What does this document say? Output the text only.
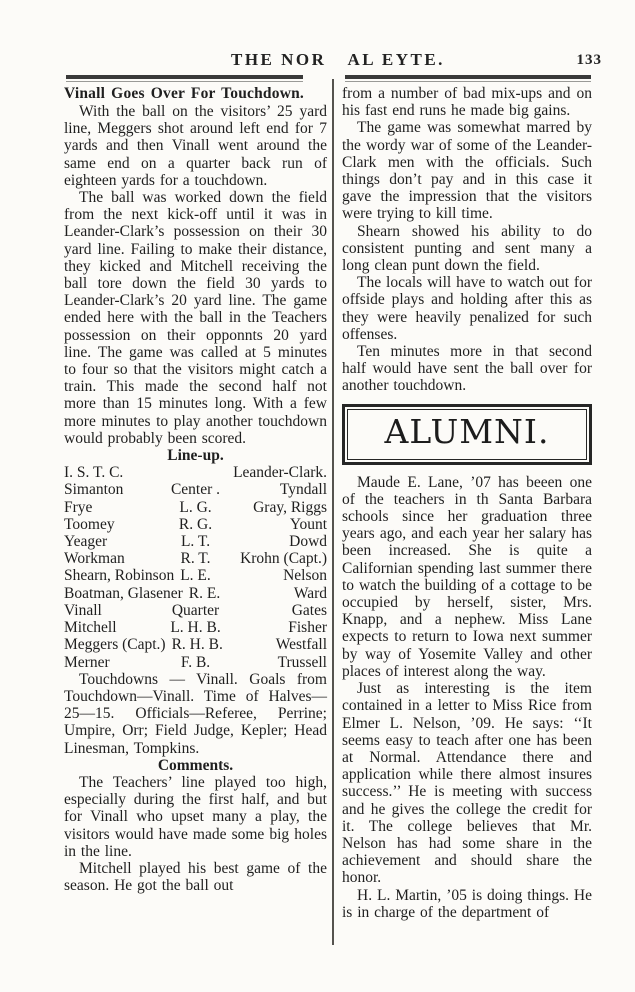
THE NOR AL EYTE.	133
Vinall Goes Over For Touchdown.

With the ball on the visitors’ 25 yard line, Meggers shot around left end for 7 yards and then Vinall went around the same end on a quarter back run of eighteen yards for a touchdown.

The ball was worked down the field from the next kick-off until it was in Leander-Clark’s possession on their 30 yard line. Failing to make their distance, they kicked and Mitchell receiving the ball tore down the field 30 yards to Leander-Clark’s 20 yard line. The game ended here with the ball in the Teachers possession on their opponnts 20 yard line. The game was called at 5 minutes to four so that the visitors might catch a train. This made the second half not more than 15 minutes long. With a few more minutes to play another touchdown would probably been scored.

Line-up.
I. S. T. C.	Leander-Clark.
Simanton	Center .	Tyndall
Frye	L. G.	Gray, Riggs
Toomey	R. G.	Yount
Yeager	L. T.	Dowd
Workman	R. T.	Krohn (Capt.)
Shearn, Robinson L. E.	Nelson
Boatman, Glasener R. E.	Ward
Vinall	Quarter	Gates
Mitchell	L. H. B.	Fisher
Meggers (Capt.) R. H. B.	Westfall
Merner	F. B.	Trussell

Touchdowns — Vinall. Goals from Touchdown—Vinall. Time of Halves—25—15. Officials—Referee, Perrine; Umpire, Orr; Field Judge, Kepler; Head Linesman, Tompkins.

Comments.

The Teachers’ line played too high, especially during the first half, and but for Vinall who upset many a play, the visitors would have made some big holes in the line.

Mitchell played his best game of the season. He got the ball out

from a number of bad mix-ups and on his fast end runs he made big gains.

The game was somewhat marred by the wordy war of some of the Leander-Clark men with the officials. Such things don’t pay and in this case it gave the impression that the visitors were trying to kill time.

Shearn showed his ability to do consistent punting and sent many a long clean punt down the field.

The locals will have to watch out for offside plays and holding after this as they were heavily penalized for such offenses.

Ten minutes more in that second half would have sent the ball over for another touchdown.

ALUMNI.

Maude E. Lane, ’07 has beeen one of the teachers in th Santa Barbara schools since her graduation three years ago, and each year her salary has been increased. She is quite a Californian spending last summer there to watch the building of a cottage to be occupied by herself, sister, Mrs. Knapp, and a nephew. Miss Lane expects to return to Iowa next summer by way of Yosemite Valley and other places of interest along the way.

Just as interesting is the item contained in a letter to Miss Rice from Elmer L. Nelson, ’09. He says: ‘‘It seems easy to teach after one has been at Normal. Attendance there and application while there almost insures success.’’ He is meeting with success and he gives the college the credit for it. The college believes that Mr. Nelson has had some share in the achievement and should share the honor.

H. L. Martin, ’05 is doing things. He is in charge of the department of
